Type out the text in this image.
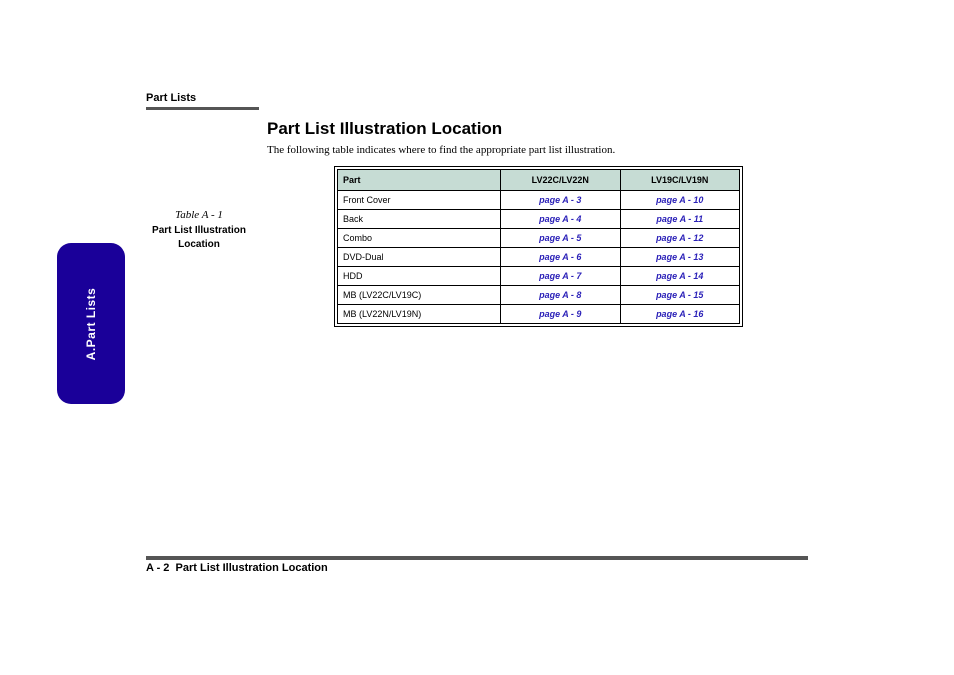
Part Lists
A.Part Lists
Part List Illustration Location
The following table indicates where to find the appropriate part list illustration.
Table A - 1
Part List Illustration Location
Part	LV22C/LV22N	LV19C/LV19N
Front Cover	page A - 3	page A - 10
Back	page A - 4	page A - 11
Combo	page A - 5	page A - 12
DVD-Dual	page A - 6	page A - 13
HDD	page A - 7	page A - 14
MB (LV22C/LV19C)	page A - 8	page A - 15
MB (LV22N/LV19N)	page A - 9	page A - 16
A - 2  Part List Illustration Location
